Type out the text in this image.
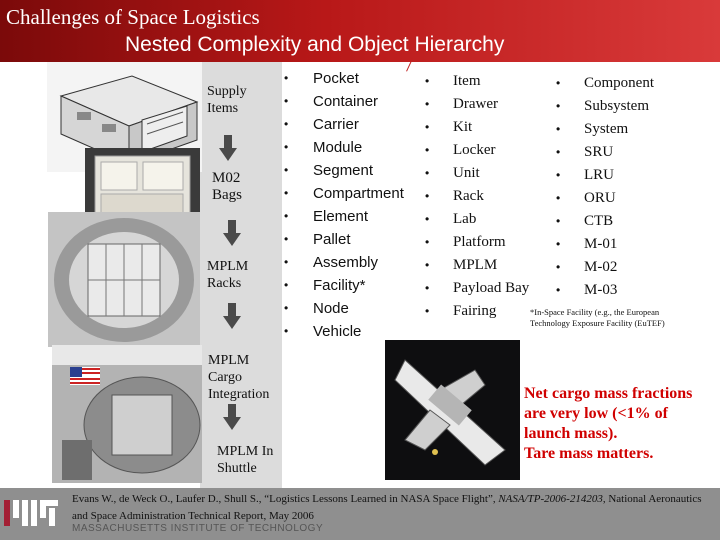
Challenges of Space Logistics
Nested Complexity and Object Hierarchy
Supply Items
M02 Bags
MPLM Racks
MPLM Cargo Integration
MPLM In Shuttle
• Pocket
• Container
• Carrier
• Module
• Segment
• Compartment
• Element
• Pallet
• Assembly
• Facility*
• Node
• Vehicle
• Item
• Drawer
• Kit
• Locker
• Unit
• Rack
• Lab
• Platform
• MPLM
• Payload Bay
• Fairing
• Component
• Subsystem
• System
• SRU
• LRU
• ORU
• CTB
• M-01
• M-02
• M-03
*In-Space Facility (e.g., the European Technology Exposure Facility (EuTEF)
Net cargo mass fractions
are very low (<1% of
launch mass).
Tare mass matters.
Evans W., de Weck O., Laufer D., Shull S., “Logistics Lessons Learned in NASA Space Flight”, NASA/TP-2006-214203, National Aeronautics and Space Administration Technical Report, May 2006
MASSACHUSETTS INSTITUTE OF TECHNOLOGY
